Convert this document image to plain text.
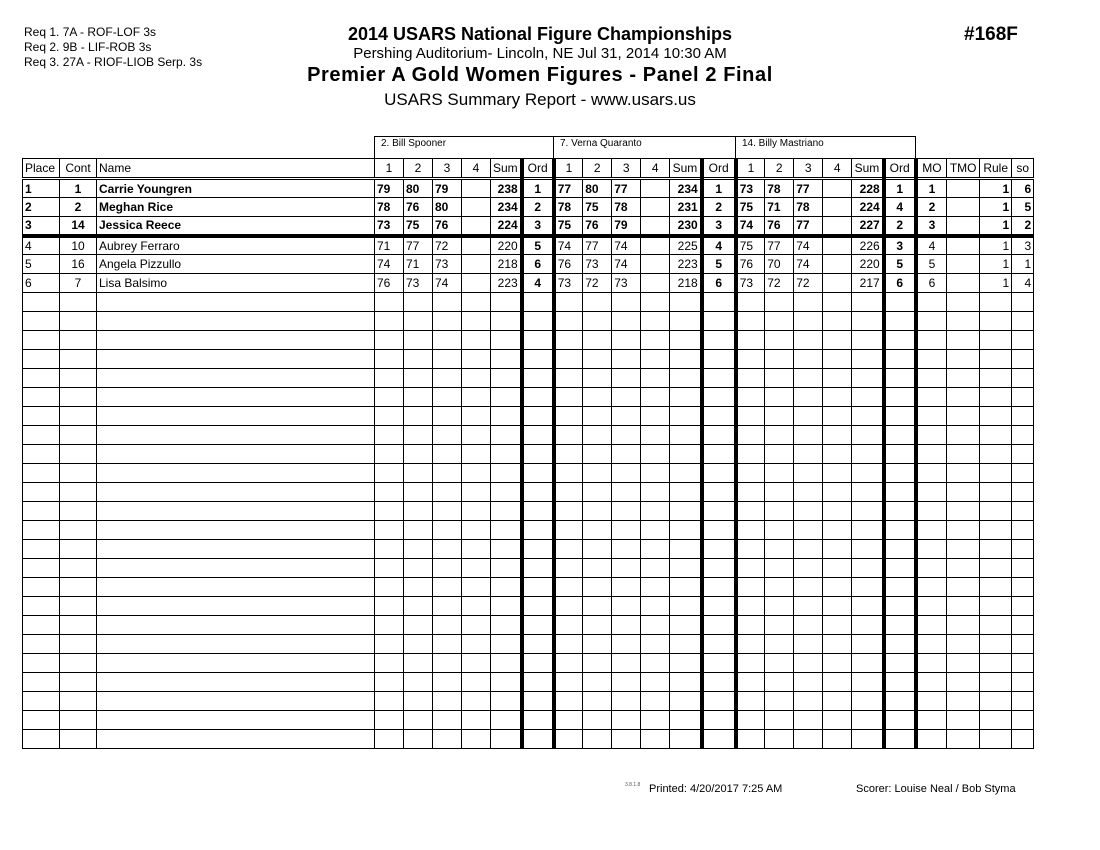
Req 1. 7A - ROF-LOF 3s
Req 2. 9B - LIF-ROB 3s
Req 3. 27A - RIOF-LIOB Serp. 3s
2014 USARS National Figure Championships
Pershing Auditorium- Lincoln, NE Jul 31, 2014 10:30 AM
Premier A Gold Women Figures - Panel 2 Final
USARS Summary Report - www.usars.us
#168F
2. Bill Spooner	7. Verna Quaranto	14. Billy Mastriano
Place	Cont	Name	1	2	3	4	Sum	Ord	1	2	3	4	Sum	Ord	1	2	3	4	Sum	Ord	MO	TMO	Rule	so
1	1	Carrie Youngren	79	80	79		238	1	77	80	77		234	1	73	78	77		228	1	1		1	6
2	2	Meghan Rice	78	76	80		234	2	78	75	78		231	2	75	71	78		224	4	2		1	5
3	14	Jessica Reece	73	75	76		224	3	75	76	79		230	3	74	76	77		227	2	3		1	2
4	10	Aubrey Ferraro	71	77	72		220	5	74	77	74		225	4	75	77	74		226	3	4		1	3
5	16	Angela Pizzullo	74	71	73		218	6	76	73	74		223	5	76	70	74		220	5	5		1	1
6	7	Lisa Balsimo	76	73	74		223	4	73	72	73		218	6	73	72	72		217	6	6		1	4

3.8.1.8 Printed: 4/20/2017 7:25 AM	Scorer: Louise Neal / Bob Styma
